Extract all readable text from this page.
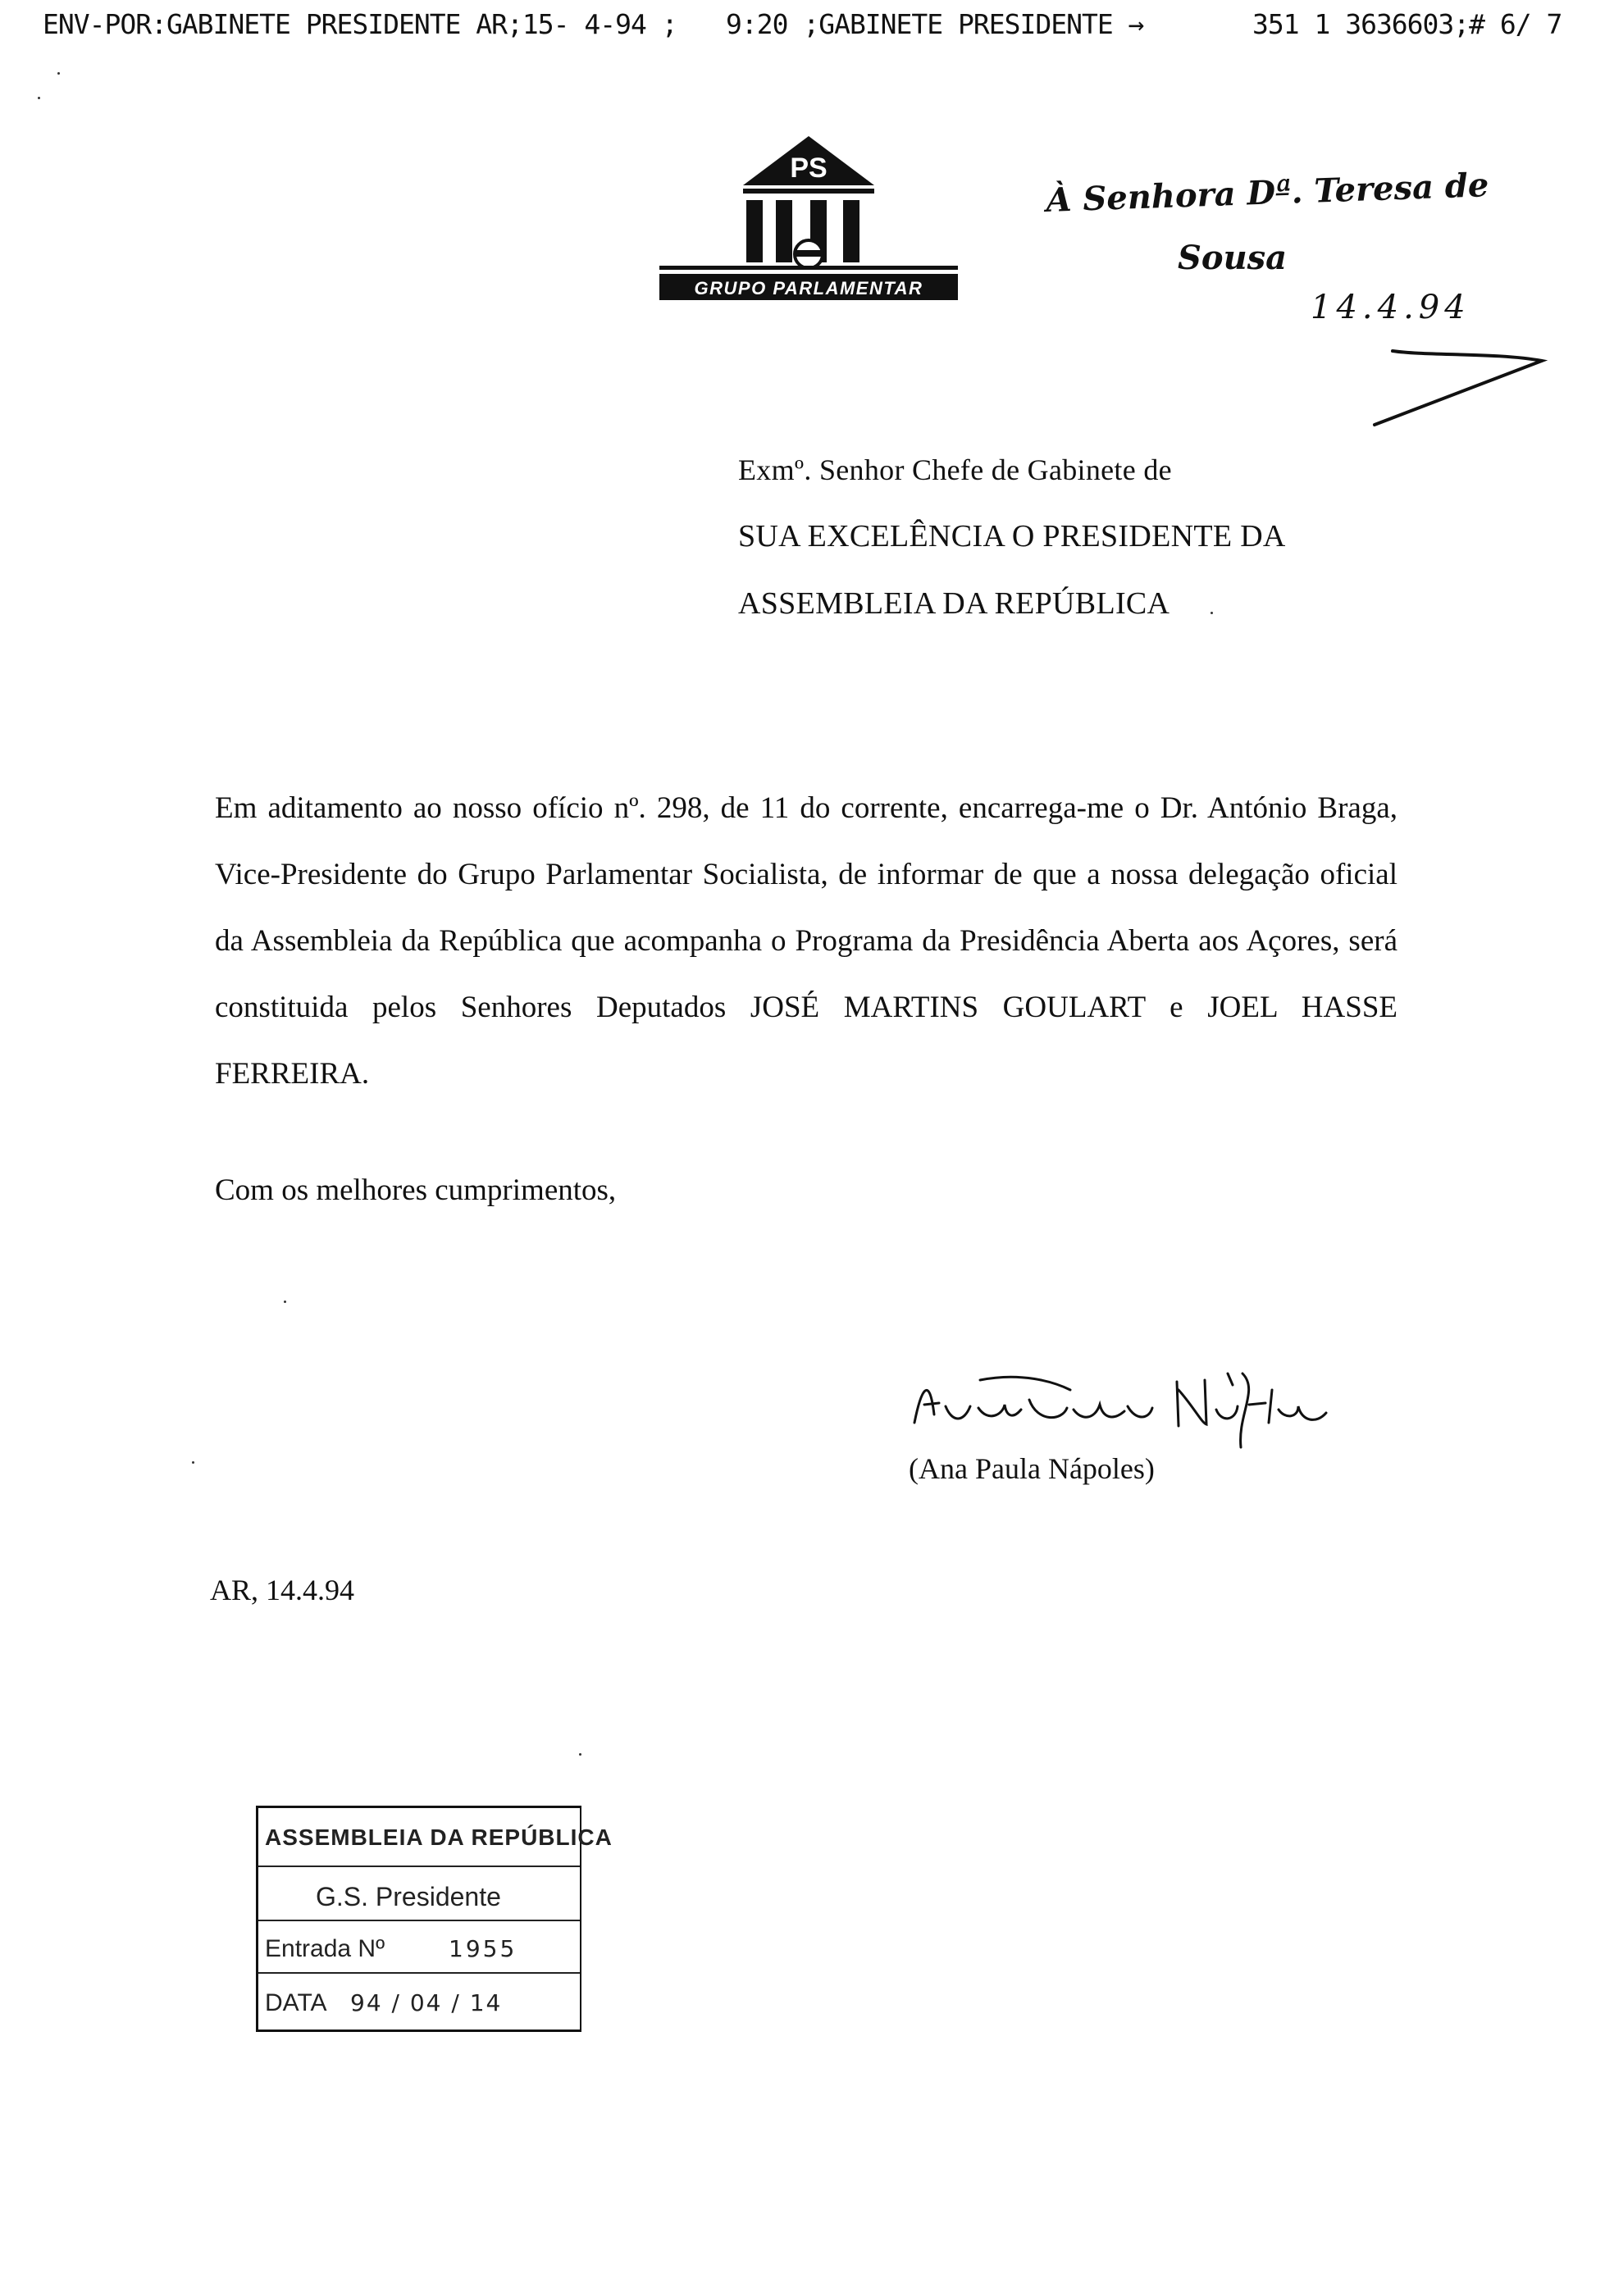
ENV-POR:GABINETE PRESIDENTE AR;15- 4-94 ; 9:20 ;GABINETE PRESIDENTE →	351 1 3636603;# 6/ 7
PS
GRUPO PARLAMENTAR
À Senhora Dª. Teresa de
Sousa
14.4.94
Exmº. Senhor Chefe de Gabinete de
SUA EXCELÊNCIA O PRESIDENTE DA
ASSEMBLEIA DA REPÚBLICA
Em aditamento ao nosso ofício nº. 298, de 11 do corrente, encarrega-me o Dr. António Braga, Vice-Presidente do Grupo Parlamentar Socialista, de informar de que a nossa delegação oficial da Assembleia da República que acompanha o Programa da Presidência Aberta aos Açores, será constituida pelos Senhores Deputados JOSÉ MARTINS GOULART e JOEL HASSE FERREIRA.
Com os melhores cumprimentos,
(Ana Paula Nápoles)
AR, 14.4.94
ASSEMBLEIA DA REPÚBLICA
G.S. Presidente
Entrada Nº	1955
DATA	94 / 04 / 14
